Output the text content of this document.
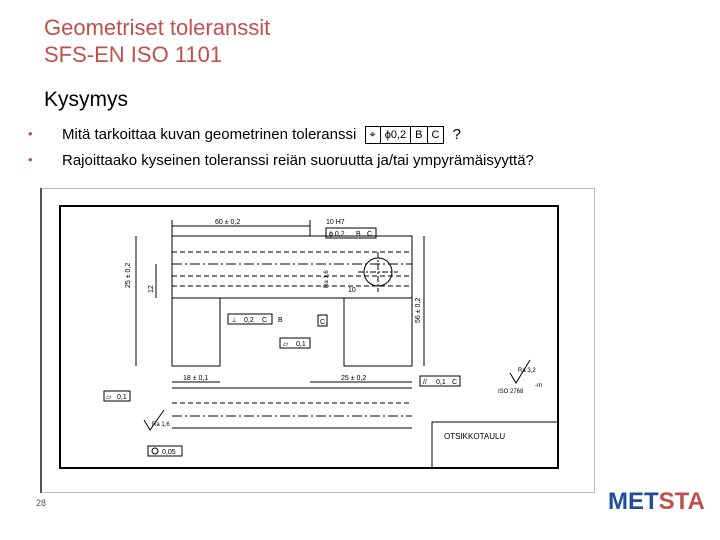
Geometriset toleranssit
SFS-EN ISO 1101
Kysymys
• Mitä tarkoittaa kuvan geometrinen toleranssi ⌖ ϕ0,2 B C ?
• Rajoittaako kyseinen toleranssi reiän suoruutta ja/tai ympyrämäisyyttä?
60 ± 0,2	10 H7
ϕ 0,2 B C
25 ± 0,2
12
56 ± 0,2
10
Ra 1,6
⊥ 0,2 C B	C
▱ 0,1
18 ± 0,1	25 ± 0,2
// 0,1 C
Ra 3,2
ISO 2768
-m
▱ 0,1
Ra 1,6
0,05
OTSIKKOTAULU
28	METSTA
